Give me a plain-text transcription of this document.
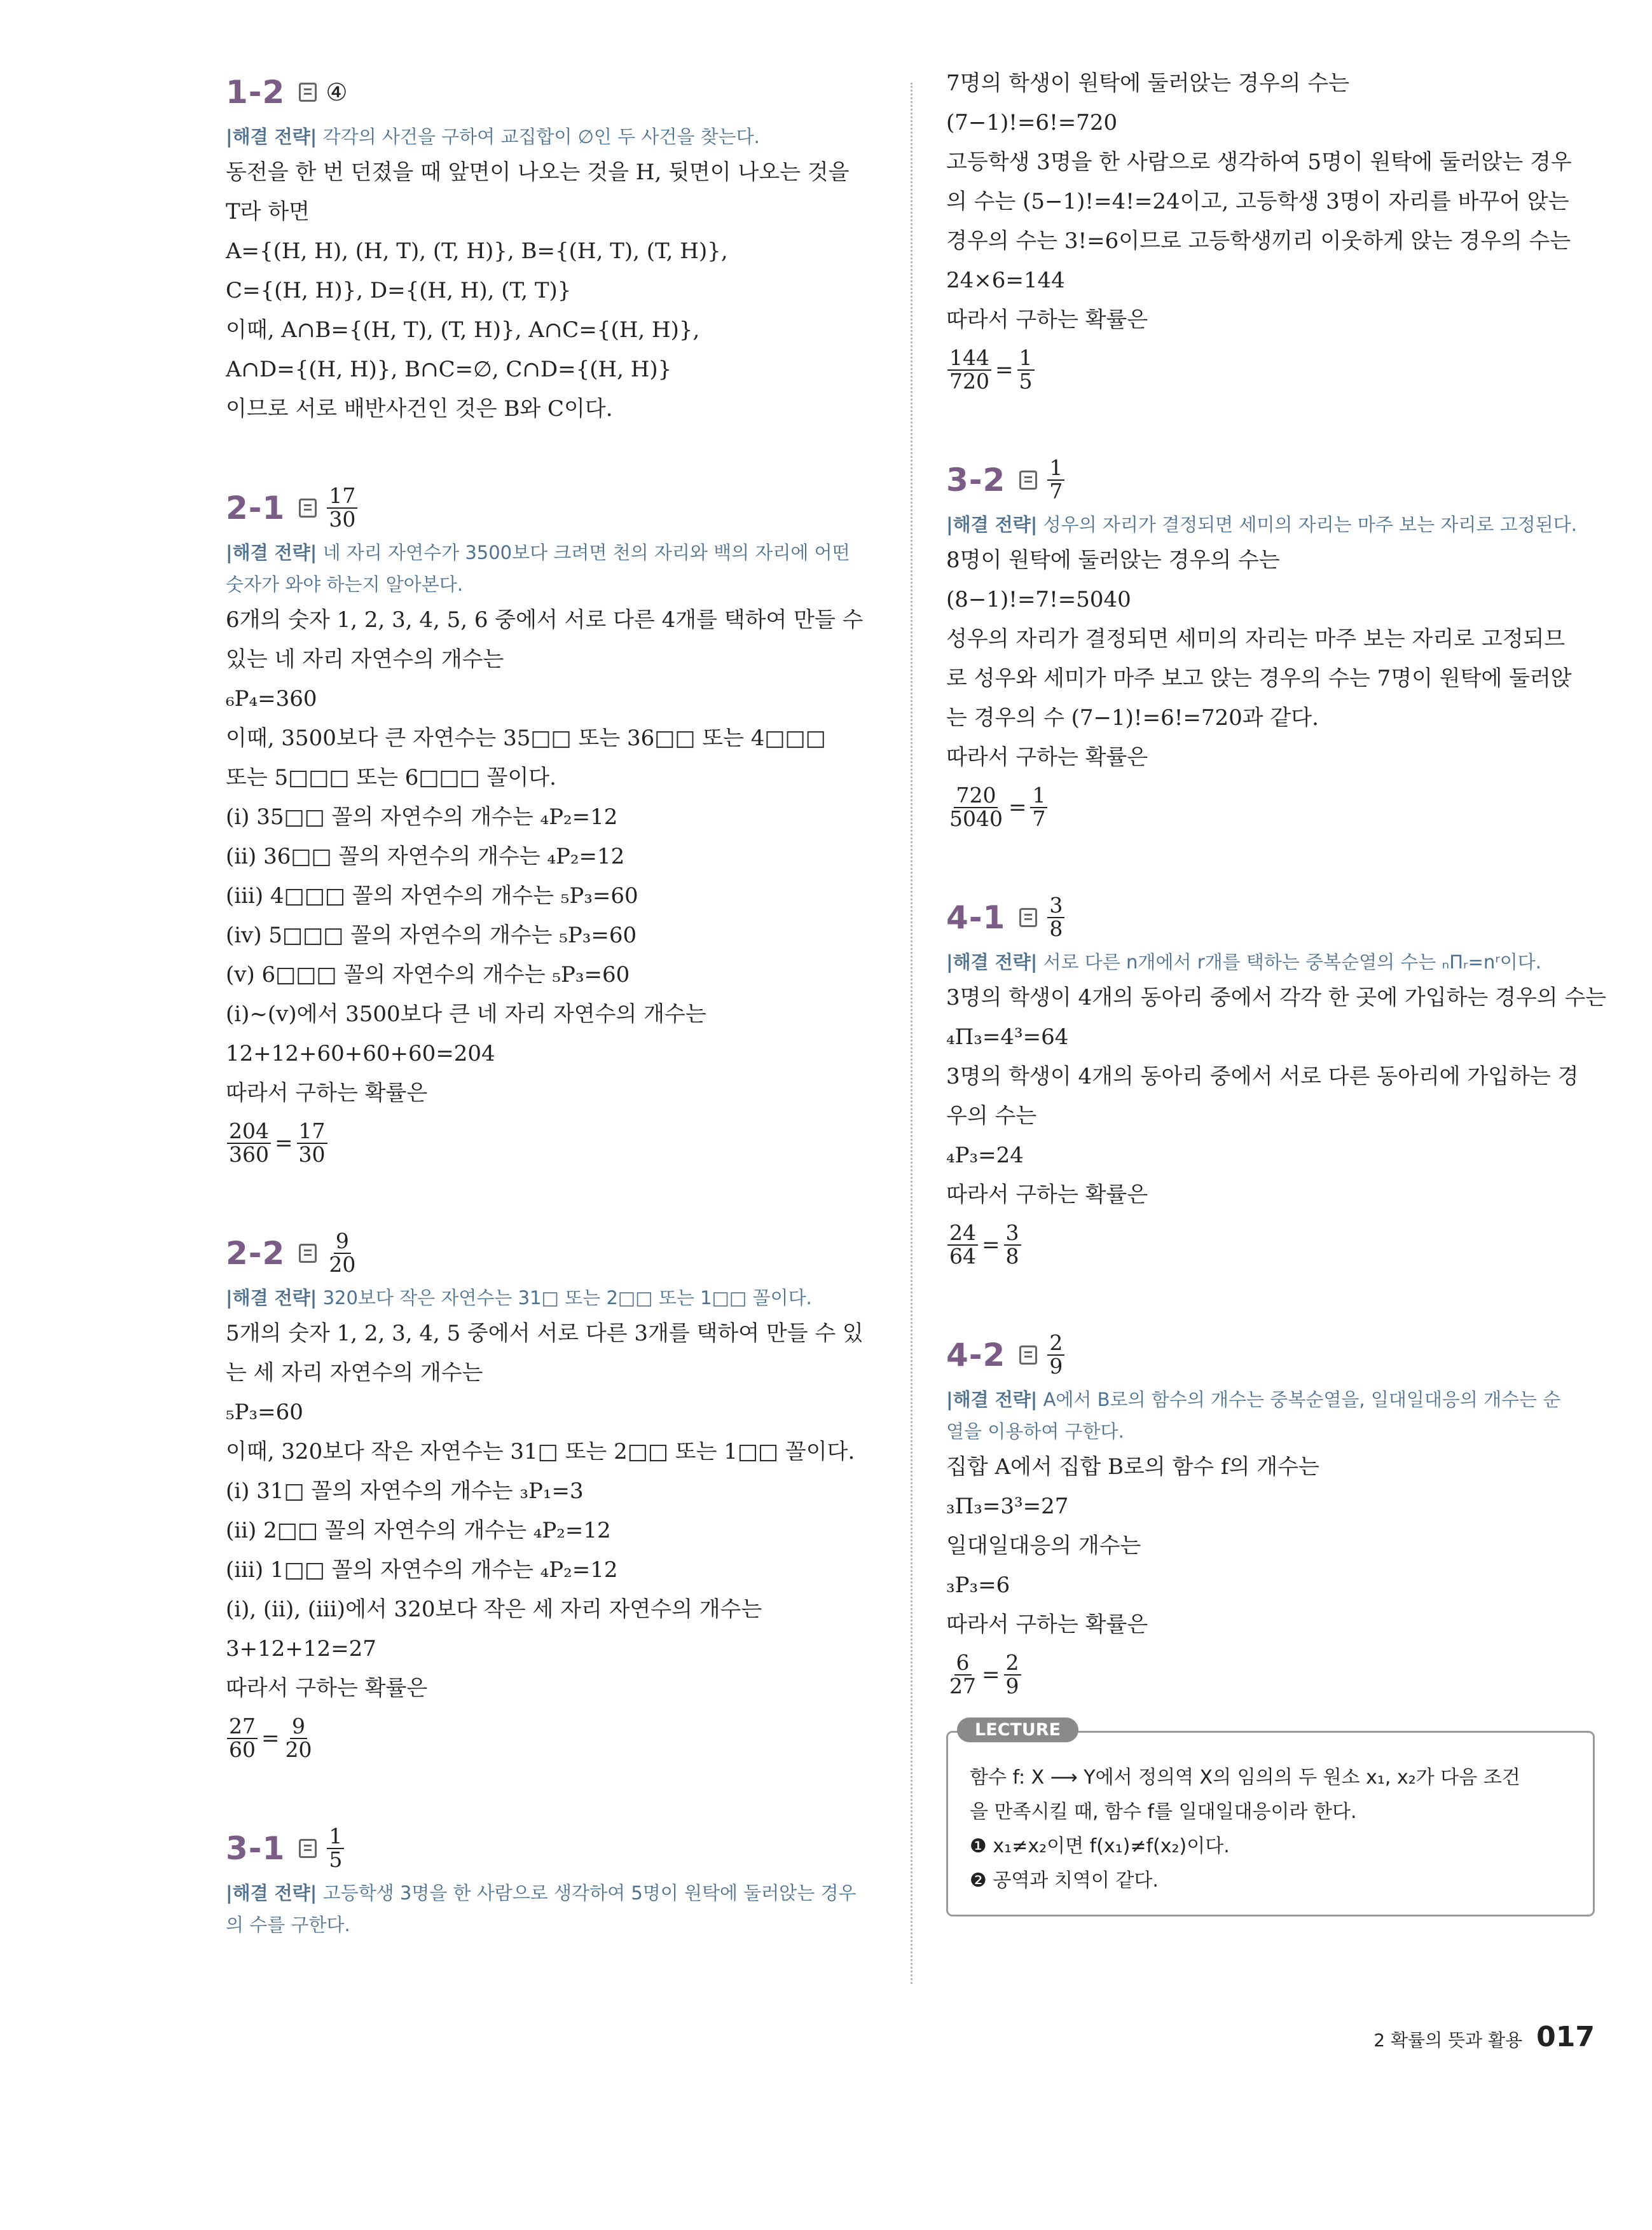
1-2 ④
|해결 전략| 각각의 사건을 구하여 교집합이 ∅인 두 사건을 찾는다.
동전을 한 번 던졌을 때 앞면이 나오는 것을 H, 뒷면이 나오는 것을
T라 하면
A={(H, H), (H, T), (T, H)}, B={(H, T), (T, H)},
C={(H, H)}, D={(H, H), (T, T)}
이때, A∩B={(H, T), (T, H)}, A∩C={(H, H)},
A∩D={(H, H)}, B∩C=∅, C∩D={(H, H)}
이므로 서로 배반사건인 것은 B와 C이다.
$2-1 \frac{17}{30}$
|해결 전략| 네 자리 자연수가 3500보다 크려면 천의 자리와 백의 자리에 어떤
숫자가 와야 하는지 알아본다.
6개의 숫자 1, 2, 3, 4, 5, 6 중에서 서로 다른 4개를 택하여 만들 수
있는 네 자리 자연수의 개수는
₆P₄=360
이때, 3500보다 큰 자연수는 35□□ 또는 36□□ 또는 4□□□
또는 5□□□ 또는 6□□□ 꼴이다.
(ⅰ) 35□□ 꼴의 자연수의 개수는 ₄P₂=12
(ⅱ) 36□□ 꼴의 자연수의 개수는 ₄P₂=12
(ⅲ) 4□□□ 꼴의 자연수의 개수는 ₅P₃=60
(ⅳ) 5□□□ 꼴의 자연수의 개수는 ₅P₃=60
(ⅴ) 6□□□ 꼴의 자연수의 개수는 ₅P₃=60
(ⅰ)~(ⅴ)에서 3500보다 큰 네 자리 자연수의 개수는
12+12+60+60+60=204
따라서 구하는 확률은
$\frac{204}{360} = \frac{17}{30}$
$2-2 \frac{9}{20}$
|해결 전략| 320보다 작은 자연수는 31□ 또는 2□□ 또는 1□□ 꼴이다.
5개의 숫자 1, 2, 3, 4, 5 중에서 서로 다른 3개를 택하여 만들 수 있
는 세 자리 자연수의 개수는
₅P₃=60
이때, 320보다 작은 자연수는 31□ 또는 2□□ 또는 1□□ 꼴이다.
(ⅰ) 31□ 꼴의 자연수의 개수는 ₃P₁=3
(ⅱ) 2□□ 꼴의 자연수의 개수는 ₄P₂=12
(ⅲ) 1□□ 꼴의 자연수의 개수는 ₄P₂=12
(ⅰ), (ⅱ), (ⅲ)에서 320보다 작은 세 자리 자연수의 개수는
3+12+12=27
따라서 구하는 확률은
$\frac{27}{60} = \frac{9}{20}$
$3-1 \frac{1}{5}$
|해결 전략| 고등학생 3명을 한 사람으로 생각하여 5명이 원탁에 둘러앉는 경우
의 수를 구한다.
7명의 학생이 원탁에 둘러앉는 경우의 수는
(7−1)!=6!=720
고등학생 3명을 한 사람으로 생각하여 5명이 원탁에 둘러앉는 경우
의 수는 (5−1)!=4!=24이고, 고등학생 3명이 자리를 바꾸어 앉는
경우의 수는 3!=6이므로 고등학생끼리 이웃하게 앉는 경우의 수는
24×6=144
따라서 구하는 확률은
$\frac{144}{720} = \frac{1}{5}$
$3-2 \frac{1}{7}$
|해결 전략| 성우의 자리가 결정되면 세미의 자리는 마주 보는 자리로 고정된다.
8명이 원탁에 둘러앉는 경우의 수는
(8−1)!=7!=5040
성우의 자리가 결정되면 세미의 자리는 마주 보는 자리로 고정되므
로 성우와 세미가 마주 보고 앉는 경우의 수는 7명이 원탁에 둘러앉
는 경우의 수 (7−1)!=6!=720과 같다.
따라서 구하는 확률은
$\frac{720}{5040} = \frac{1}{7}$
$4-1 \frac{3}{8}$
|해결 전략| 서로 다른 n개에서 r개를 택하는 중복순열의 수는 ₙΠᵣ=nʳ이다.
3명의 학생이 4개의 동아리 중에서 각각 한 곳에 가입하는 경우의 수는
₄Π₃=4³=64
3명의 학생이 4개의 동아리 중에서 서로 다른 동아리에 가입하는 경
우의 수는
₄P₃=24
따라서 구하는 확률은
$\frac{24}{64} = \frac{3}{8}$
$4-2 \frac{2}{9}$
|해결 전략| A에서 B로의 함수의 개수는 중복순열을, 일대일대응의 개수는 순
열을 이용하여 구한다.
집합 A에서 집합 B로의 함수 f의 개수는
₃Π₃=3³=27
일대일대응의 개수는
₃P₃=6
따라서 구하는 확률은
$\frac{6}{27} = \frac{2}{9}$
LECTURE
함수 f: X ⟶ Y에서 정의역 X의 임의의 두 원소 x₁, x₂가 다음 조건
을 만족시킬 때, 함수 f를 일대일대응이라 한다.
❶ x₁≠x₂이면 f(x₁)≠f(x₂)이다.
❷ 공역과 치역이 같다.
2 확률의 뜻과 활용 017
